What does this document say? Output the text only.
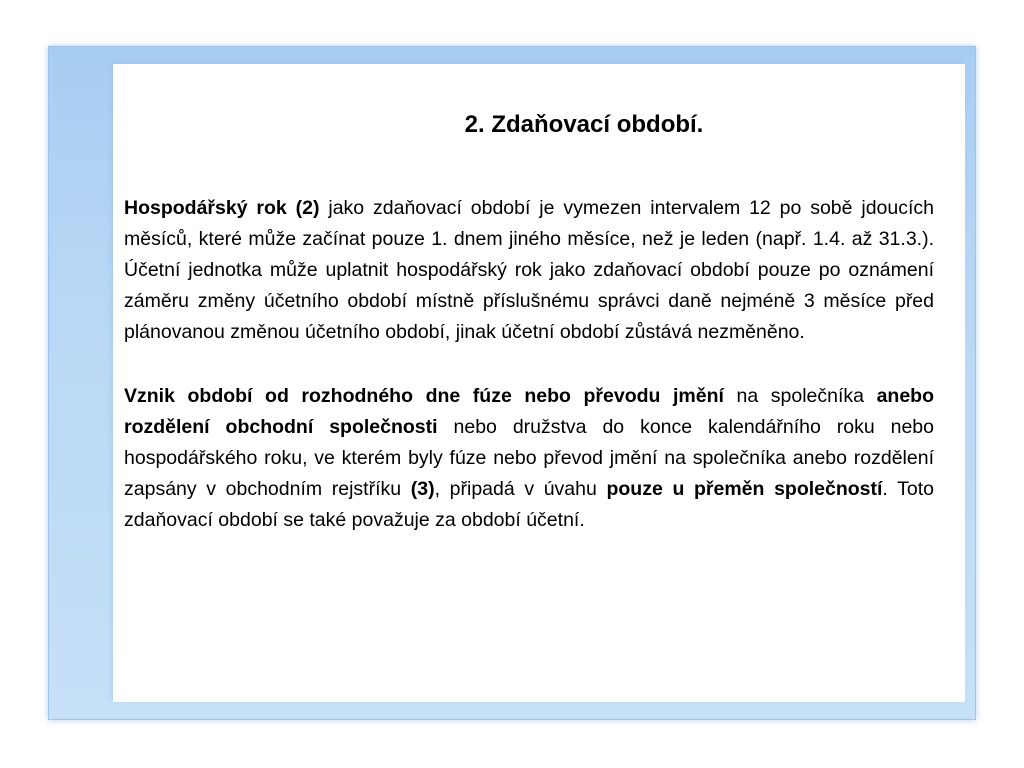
2. Zdaňovací období.

Hospodářský rok (2) jako zdaňovací období je vymezen intervalem 12 po sobě jdoucích měsíců, které může začínat pouze 1. dnem jiného měsíce, než je leden (např. 1.4. až 31.3.). Účetní jednotka může uplatnit hospodářský rok jako zdaňovací období pouze po oznámení záměru změny účetního období místně příslušnému správci daně nejméně 3 měsíce před plánovanou změnou účetního období, jinak účetní období zůstává nezměněno.

Vznik období od rozhodného dne fúze nebo převodu jmění na společníka anebo rozdělení obchodní společnosti nebo družstva do konce kalendářního roku nebo hospodářského roku, ve kterém byly fúze nebo převod jmění na společníka anebo rozdělení zapsány v obchodním rejstříku (3), připadá v úvahu pouze u přeměn společností. Toto zdaňovací období se také považuje za období účetní.
